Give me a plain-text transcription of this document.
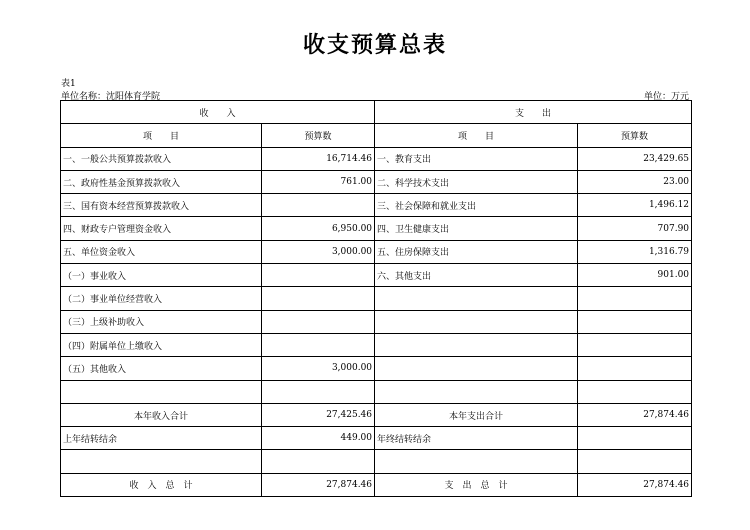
收支预算总表
表1
单位名称：沈阳体育学院	单位：万元
收　　入		支　　出	
项　　目	预算数	项　　目	预算数
一、一般公共预算拨款收入	16,714.46	一、教育支出	23,429.65
二、政府性基金预算拨款收入	761.00	二、科学技术支出	23.00
三、国有资本经营预算拨款收入		三、社会保障和就业支出	1,496.12
四、财政专户管理资金收入	6,950.00	四、卫生健康支出	707.90
五、单位资金收入	3,000.00	五、住房保障支出	1,316.79
（一）事业收入		六、其他支出	901.00
（二）事业单位经营收入			
（三）上级补助收入			
（四）附属单位上缴收入			
（五）其他收入	3,000.00		

本年收入合计	27,425.46	本年支出合计	27,874.46
上年结转结余	449.00	年终结转结余	

收　入　总　计	27,874.46	支　出　总　计	27,874.46
